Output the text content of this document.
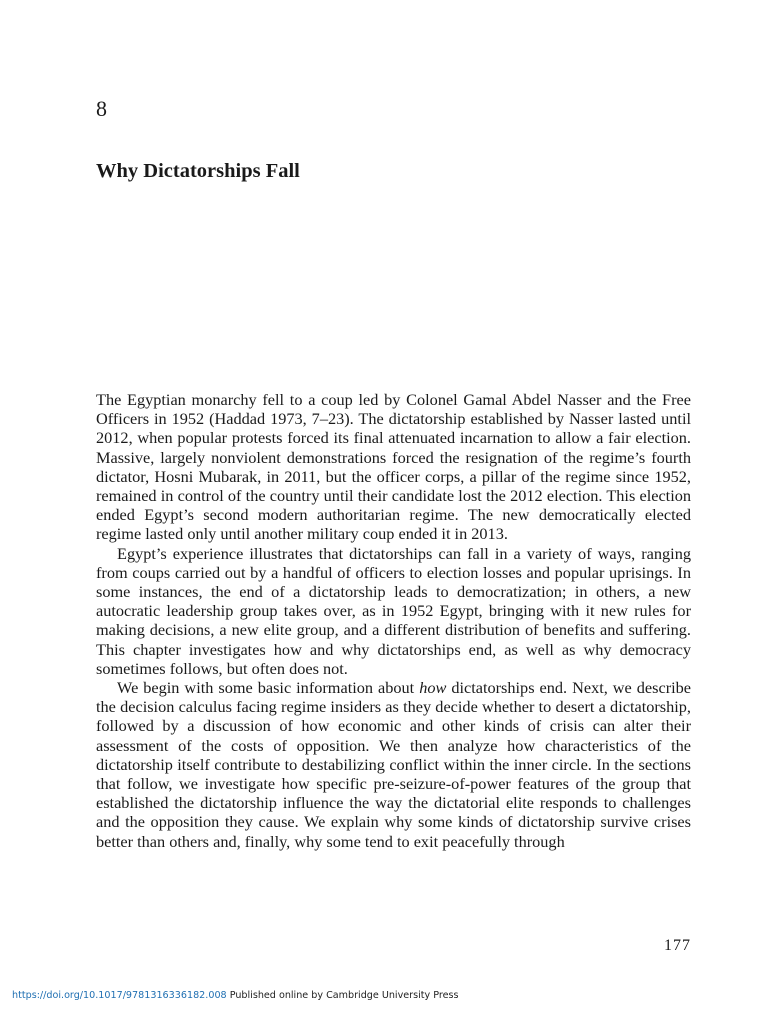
8
Why Dictatorships Fall

The Egyptian monarchy fell to a coup led by Colonel Gamal Abdel Nasser and the Free Officers in 1952 (Haddad 1973, 7–23). The dictatorship established by Nasser lasted until 2012, when popular protests forced its final attenuated incarnation to allow a fair election. Massive, largely nonviolent demonstrations forced the resignation of the regime’s fourth dictator, Hosni Mubarak, in 2011, but the officer corps, a pillar of the regime since 1952, remained in control of the country until their candidate lost the 2012 election. This election ended Egypt’s second modern authoritarian regime. The new democratically elected regime lasted only until another military coup ended it in 2013.

Egypt’s experience illustrates that dictatorships can fall in a variety of ways, ranging from coups carried out by a handful of officers to election losses and popular uprisings. In some instances, the end of a dictatorship leads to democratization; in others, a new autocratic leadership group takes over, as in 1952 Egypt, bringing with it new rules for making decisions, a new elite group, and a different distribution of benefits and suffering. This chapter investigates how and why dictatorships end, as well as why democracy sometimes follows, but often does not.

We begin with some basic information about how dictatorships end. Next, we describe the decision calculus facing regime insiders as they decide whether to desert a dictatorship, followed by a discussion of how economic and other kinds of crisis can alter their assessment of the costs of opposition. We then analyze how characteristics of the dictatorship itself contribute to destabilizing conflict within the inner circle. In the sections that follow, we investigate how specific pre-seizure-of-power features of the group that established the dictatorship influence the way the dictatorial elite responds to challenges and the opposition they cause. We explain why some kinds of dictatorship survive crises better than others and, finally, why some tend to exit peacefully through

177
https://doi.org/10.1017/9781316336182.008 Published online by Cambridge University Press
